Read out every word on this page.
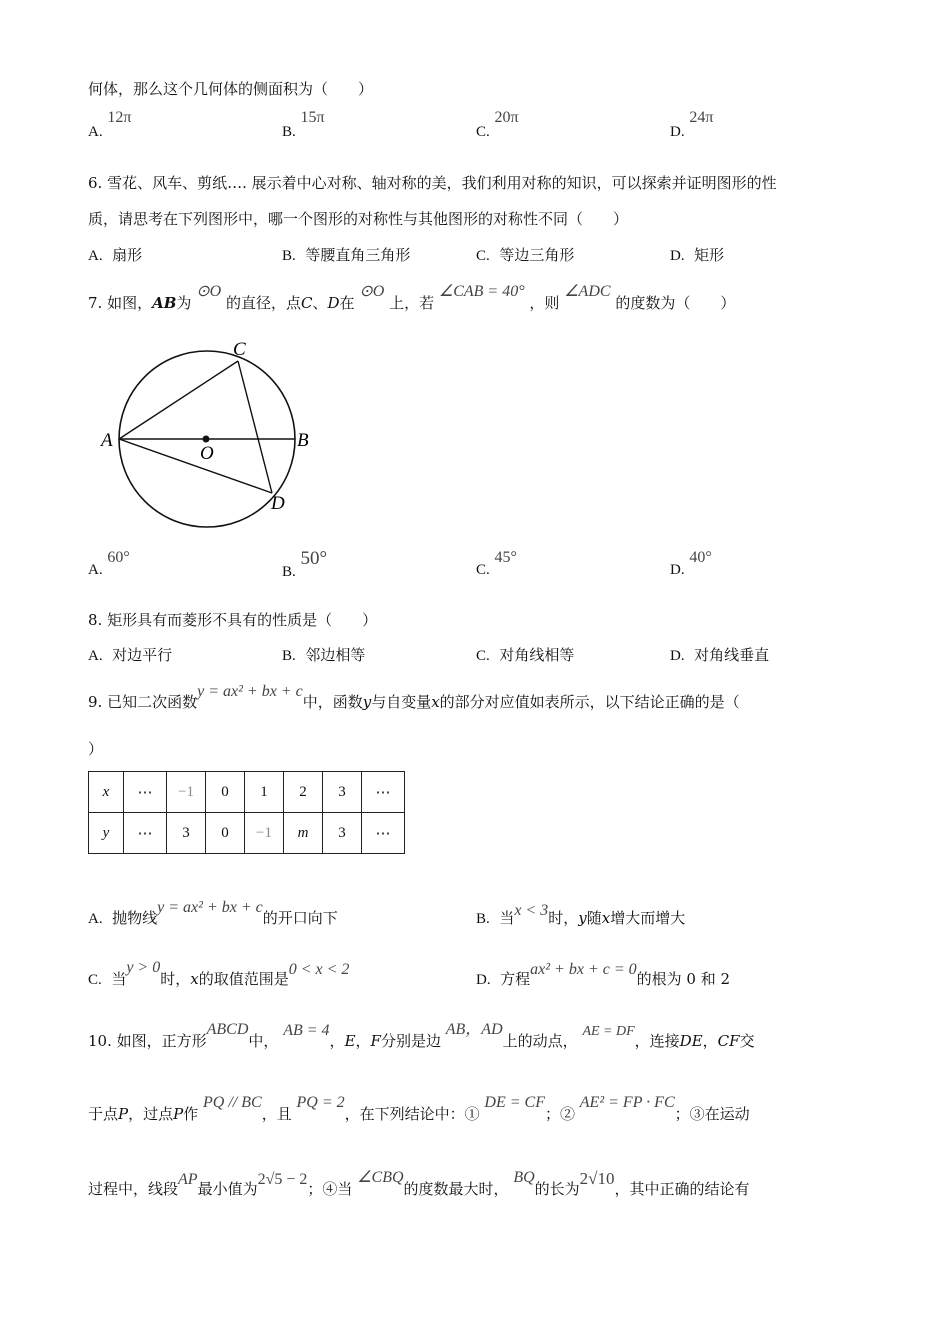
何体，那么这个几何体的侧面积为（　　）
A. 12π
B. 15π
C. 20π
D. 24π
6. 雪花、风车、剪纸…. 展示着中心对称、轴对称的美，我们利用对称的知识，可以探索并证明图形的性
质，请思考在下列图形中，哪一个图形的对称性与其他图形的对称性不同（　　）
A. 扇形	B. 等腰直角三角形	C. 等边三角形	D. 矩形
7. 如图，AB为 ⊙O 的直径，点C、D在 ⊙O 上，若 ∠CAB = 40° ，则 ∠ADC 的度数为（　　）
A	B
C
D
O
A. 60°
B. 50°
C. 45°
D. 40°
8. 矩形具有而菱形不具有的性质是（　　）
A. 对边平行	B. 邻边相等	C. 对角线相等	D. 对角线垂直
9. 已知二次函数y = ax² + bx + c中，函数y与自变量x的部分对应值如表所示，以下结论正确的是（
）
x	⋯	−1	0	1	2	3	⋯
y	⋯	3	0	−1	m	3	⋯
A. 抛物线y = ax² + bx + c的开口向下	B. 当x < 3时，y随x增大而增大
C. 当y > 0时，x的取值范围是0 < x < 2
D. 方程ax² + bx + c = 0的根为 0 和 2
10. 如图，正方形ABCD中， AB = 4，E，F分别是边 AB，AD上的动点， AE = DF，连接DE，CF交
于点P，过点P作 PQ // BC，且 PQ = 2，在下列结论中：① DE = CF；② AE² = FP · FC；③在运动
过程中，线段AP最小值为2√5 − 2；④当 ∠CBQ的度数最大时， BQ的长为2√10，其中正确的结论有
